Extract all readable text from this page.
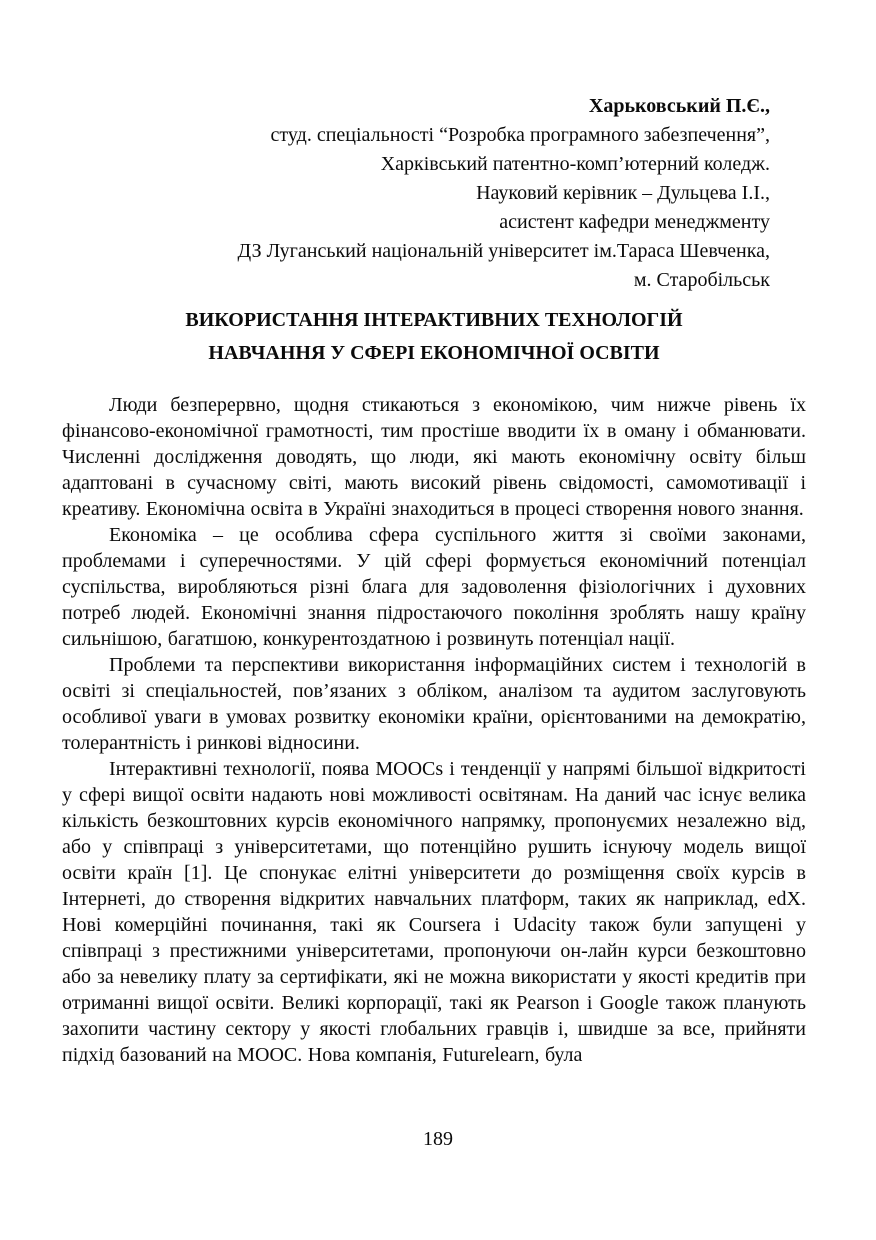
Харьковський П.Є.,
студ. спеціальності “Розробка програмного забезпечення”,
Харківський патентно-комп’ютерний коледж.
Науковий керівник – Дульцева І.І.,
асистент кафедри менеджменту
ДЗ Луганський національній університет ім.Тараса Шевченка,
м. Старобільськ
ВИКОРИСТАННЯ ІНТЕРАКТИВНИХ ТЕХНОЛОГІЙ
НАВЧАННЯ У СФЕРІ ЕКОНОМІЧНОЇ ОСВІТИ

Люди безперервно, щодня стикаються з економікою, чим нижче рівень їх фінансово-економічної грамотності, тим простіше вводити їх в оману і обманювати. Численні дослідження доводять, що люди, які мають економічну освіту більш адаптовані в сучасному світі, мають високий рівень свідомості, самомотивації і креативу. Економічна освіта в Україні знаходиться в процесі створення нового знання.

Економіка – це особлива сфера суспільного життя зі своїми законами, проблемами і суперечностями. У цій сфері формується економічний потенціал суспільства, виробляються різні блага для задоволення фізіологічних і духовних потреб людей. Економічні знання підростаючого покоління зроблять нашу країну сильнішою, багатшою, конкурентоздатною і розвинуть потенціал нації.

Проблеми та перспективи використання інформаційних систем і технологій в освіті зі спеціальностей, пов’язаних з обліком, аналізом та аудитом заслуговують особливої уваги в умовах розвитку економіки країни, орієнтованими на демократію, толерантність і ринкові відносини.

Інтерактивні технології, поява MOOCs і тенденції у напрямі більшої відкритості у сфері вищої освіти надають нові можливості освітянам. На даний час існує велика кількість безкоштовних курсів економічного напрямку, пропонуємих незалежно від, або у співпраці з університетами, що потенційно рушить існуючу модель вищої освіти країн [1]. Це спонукає елітні університети до розміщення своїх курсів в Інтернеті, до створення відкритих навчальних платформ, таких як наприклад, edX. Нові комерційні починання, такі як Coursera і Udacity також були запущені у співпраці з престижними університетами, пропонуючи он-лайн курси безкоштовно або за невелику плату за сертифікати, які не можна використати у якості кредитів при отриманні вищої освіти. Великі корпорації, такі як Pearson і Google також планують захопити частину сектору у якості глобальних гравців і, швидше за все, прийняти підхід базований на MOOC. Нова компанія, Futurelearn, була

189
